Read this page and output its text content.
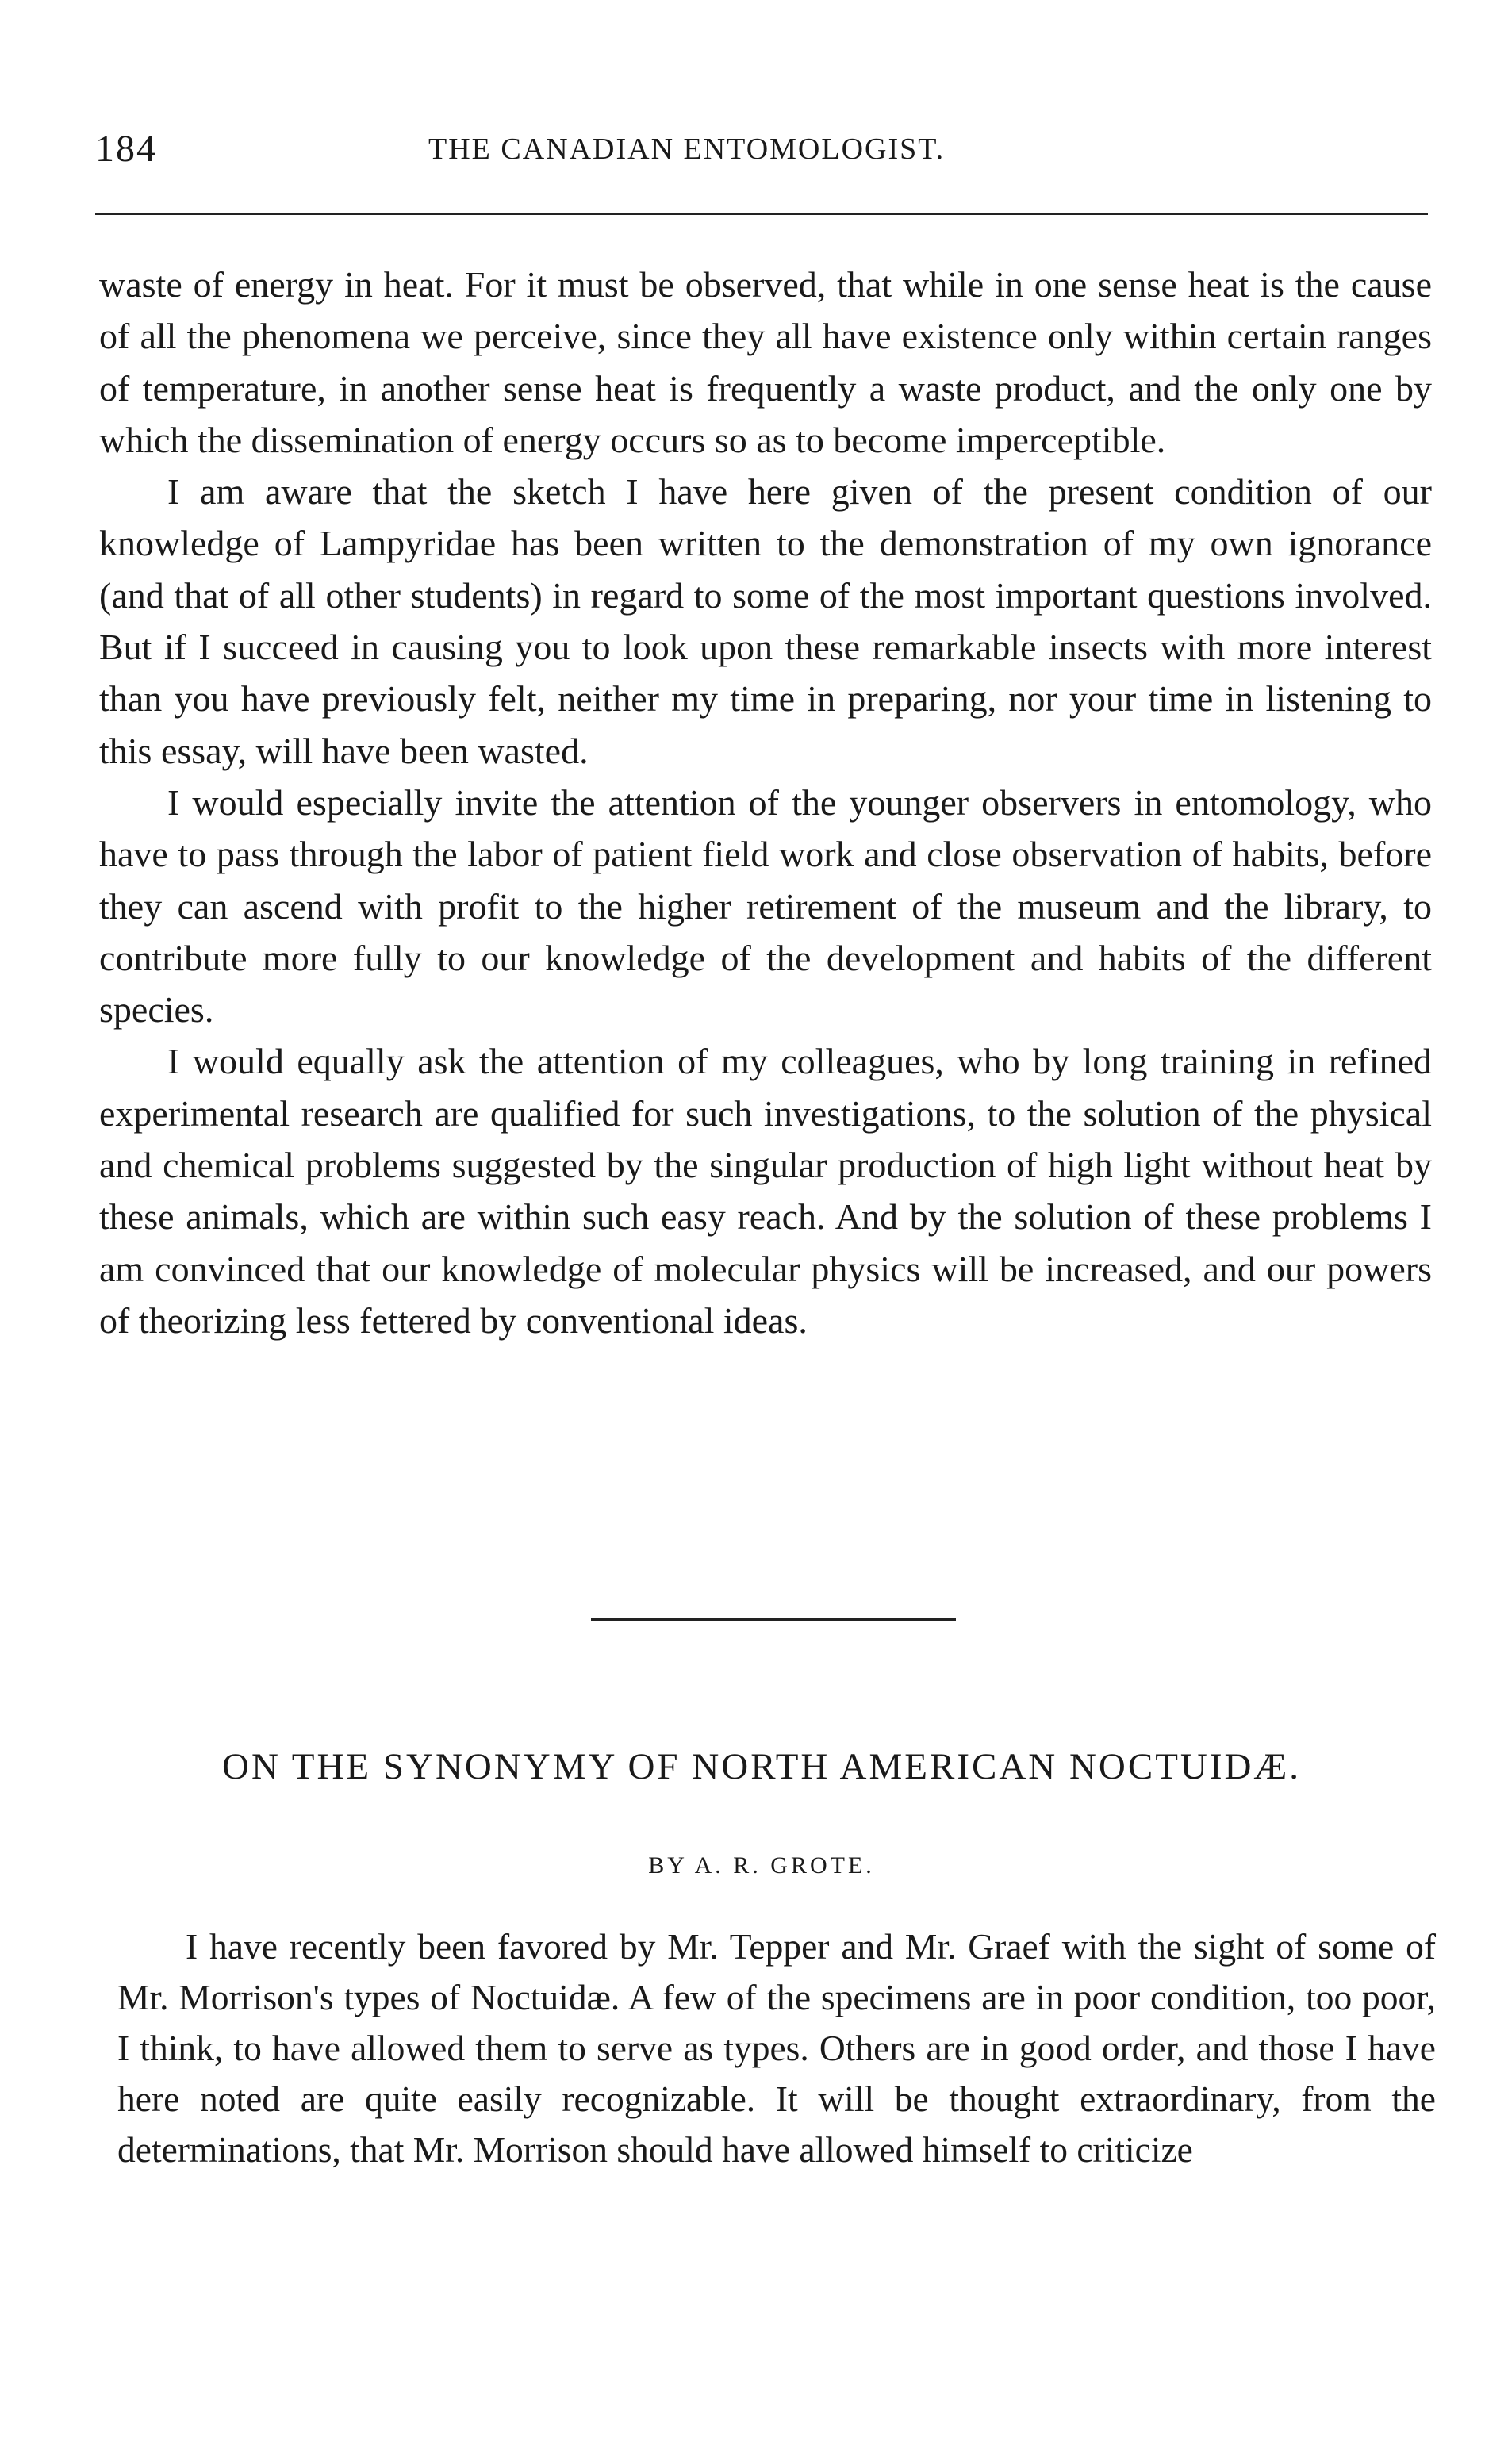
184	THE CANADIAN ENTOMOLOGIST.

waste of energy in heat. For it must be observed, that while in one sense heat is the cause of all the phenomena we perceive, since they all have existence only within certain ranges of temperature, in another sense heat is frequently a waste product, and the only one by which the dissemination of energy occurs so as to become imperceptible.

I am aware that the sketch I have here given of the present condition of our knowledge of Lampyridae has been written to the demonstration of my own ignorance (and that of all other students) in regard to some of the most important questions involved. But if I succeed in causing you to look upon these remarkable insects with more interest than you have previously felt, neither my time in preparing, nor your time in listening to this essay, will have been wasted.

I would especially invite the attention of the younger observers in entomology, who have to pass through the labor of patient field work and close observation of habits, before they can ascend with profit to the higher retirement of the museum and the library, to contribute more fully to our knowledge of the development and habits of the different species.

I would equally ask the attention of my colleagues, who by long training in refined experimental research are qualified for such investigations, to the solution of the physical and chemical problems suggested by the singular production of high light without heat by these animals, which are within such easy reach. And by the solution of these problems I am convinced that our knowledge of molecular physics will be increased, and our powers of theorizing less fettered by conventional ideas.

ON THE SYNONYMY OF NORTH AMERICAN NOCTUIDÆ.
BY A. R. GROTE.

I have recently been favored by Mr. Tepper and Mr. Graef with the sight of some of Mr. Morrison's types of Noctuidæ. A few of the specimens are in poor condition, too poor, I think, to have allowed them to serve as types. Others are in good order, and those I have here noted are quite easily recognizable. It will be thought extraordinary, from the determinations, that Mr. Morrison should have allowed himself to criticize
